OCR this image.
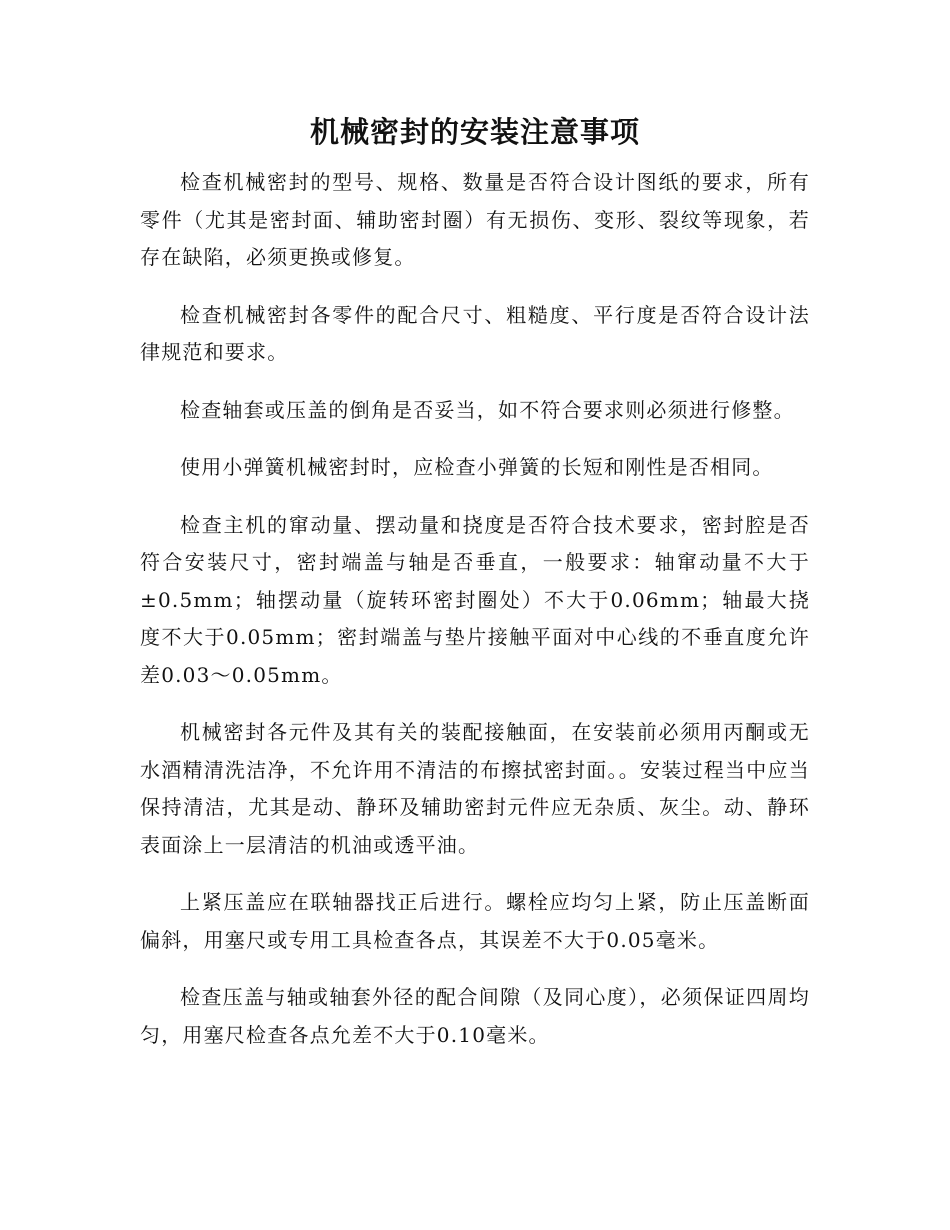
机械密封的安装注意事项

检查机械密封的型号、规格、数量是否符合设计图纸的要求，所有零件（尤其是密封面、辅助密封圈）有无损伤、变形、裂纹等现象，若存在缺陷，必须更换或修复。

检查机械密封各零件的配合尺寸、粗糙度、平行度是否符合设计法律规范和要求。

检查轴套或压盖的倒角是否妥当，如不符合要求则必须进行修整。

使用小弹簧机械密封时，应检查小弹簧的长短和刚性是否相同。

检查主机的窜动量、摆动量和挠度是否符合技术要求，密封腔是否符合安装尺寸，密封端盖与轴是否垂直，一般要求：轴窜动量不大于±0.5mm；轴摆动量（旋转环密封圈处）不大于0.06mm；轴最大挠度不大于0.05mm；密封端盖与垫片接触平面对中心线的不垂直度允许差0.03～0.05mm。

机械密封各元件及其有关的装配接触面，在安装前必须用丙酮或无水酒精清洗洁净，不允许用不清洁的布擦拭密封面。。安装过程当中应当保持清洁，尤其是动、静环及辅助密封元件应无杂质、灰尘。动、静环表面涂上一层清洁的机油或透平油。

上紧压盖应在联轴器找正后进行。螺栓应均匀上紧，防止压盖断面偏斜，用塞尺或专用工具检查各点，其误差不大于0.05毫米。

检查压盖与轴或轴套外径的配合间隙（及同心度），必须保证四周均匀，用塞尺检查各点允差不大于0.10毫米。
